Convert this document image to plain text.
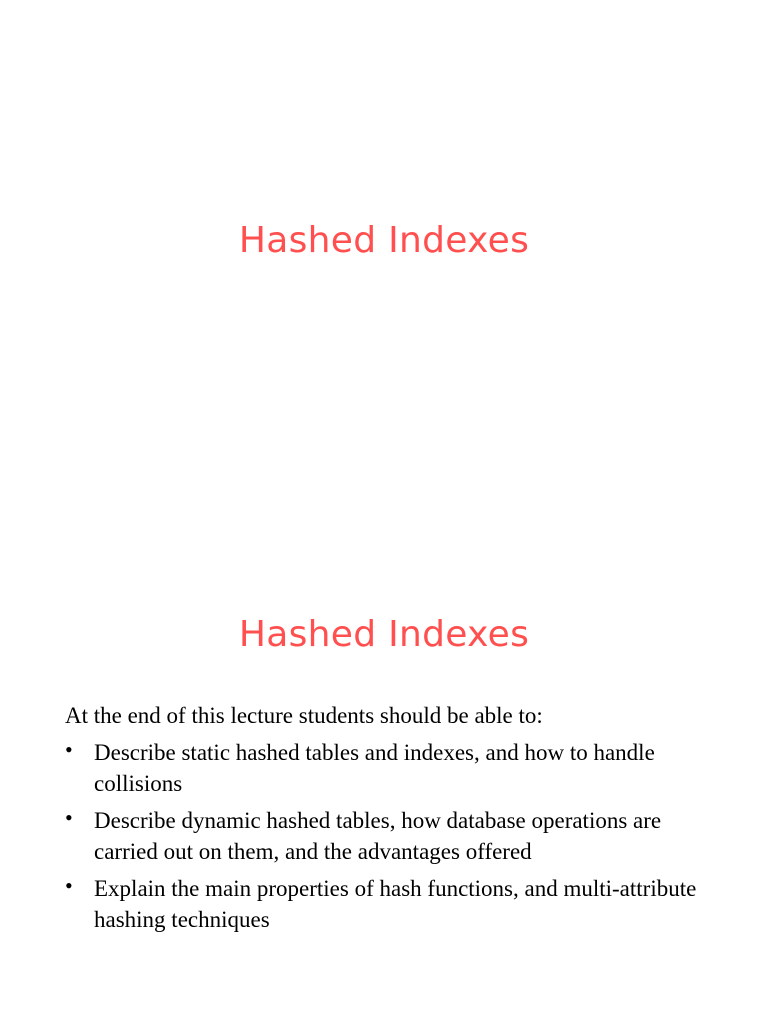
Hashed Indexes
Hashed Indexes

At the end of this lecture students should be able to:

• Describe static hashed tables and indexes, and how to handle collisions
• Describe dynamic hashed tables, how database operations are carried out on them, and the advantages offered
• Explain the main properties of hash functions, and multi-attribute hashing techniques
